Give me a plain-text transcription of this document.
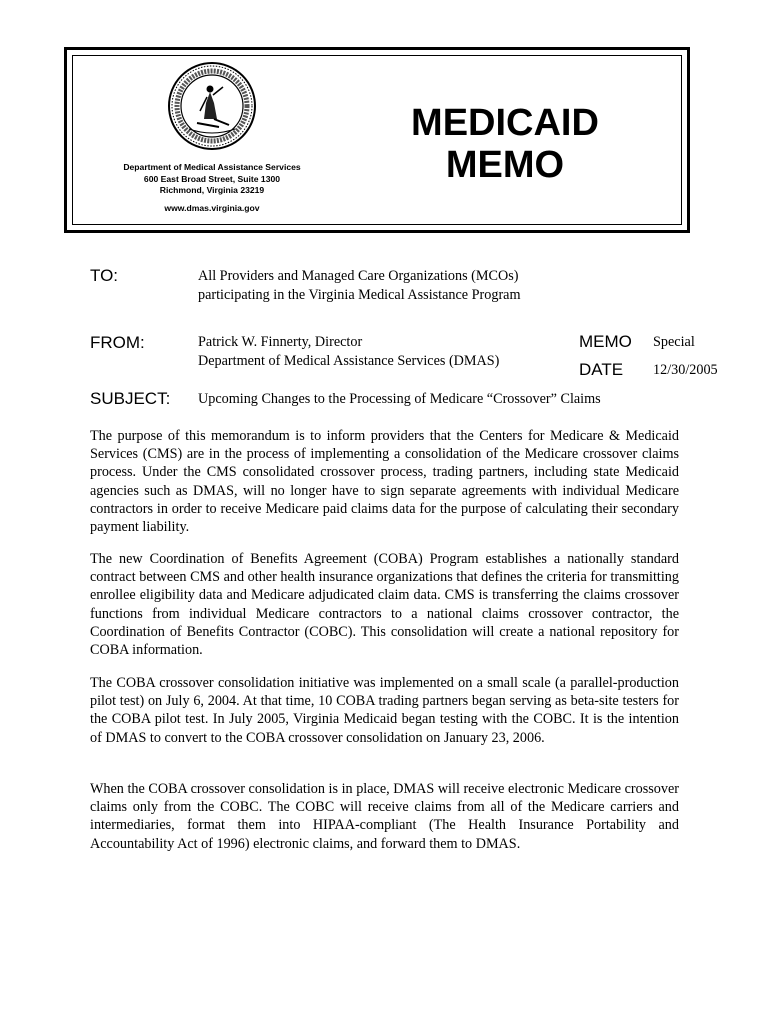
Department of Medical Assistance Services
600 East Broad Street, Suite 1300
Richmond, Virginia 23219
www.dmas.virginia.gov
MEDICAID
MEMO
TO:	All Providers and Managed Care Organizations (MCOs)
participating in the Virginia Medical Assistance Program
FROM:	Patrick W. Finnerty, Director
Department of Medical Assistance Services (DMAS)
MEMO Special
DATE 12/30/2005
SUBJECT: Upcoming Changes to the Processing of Medicare “Crossover” Claims
The purpose of this memorandum is to inform providers that the Centers for Medicare & Medicaid Services (CMS) are in the process of implementing a consolidation of the Medicare crossover claims process. Under the CMS consolidated crossover process, trading partners, including state Medicaid agencies such as DMAS, will no longer have to sign separate agreements with individual Medicare contractors in order to receive Medicare paid claims data for the purpose of calculating their secondary payment liability.
The new Coordination of Benefits Agreement (COBA) Program establishes a nationally standard contract between CMS and other health insurance organizations that defines the criteria for transmitting enrollee eligibility data and Medicare adjudicated claim data. CMS is transferring the claims crossover functions from individual Medicare contractors to a national claims crossover contractor, the Coordination of Benefits Contractor (COBC). This consolidation will create a national repository for COBA information.
The COBA crossover consolidation initiative was implemented on a small scale (a parallel-production pilot test) on July 6, 2004. At that time, 10 COBA trading partners began serving as beta-site testers for the COBA pilot test. In July 2005, Virginia Medicaid began testing with the COBC. It is the intention of DMAS to convert to the COBA crossover consolidation on January 23, 2006.
When the COBA crossover consolidation is in place, DMAS will receive electronic Medicare crossover claims only from the COBC. The COBC will receive claims from all of the Medicare carriers and intermediaries, format them into HIPAA-compliant (The Health Insurance Portability and Accountability Act of 1996) electronic claims, and forward them to DMAS.
